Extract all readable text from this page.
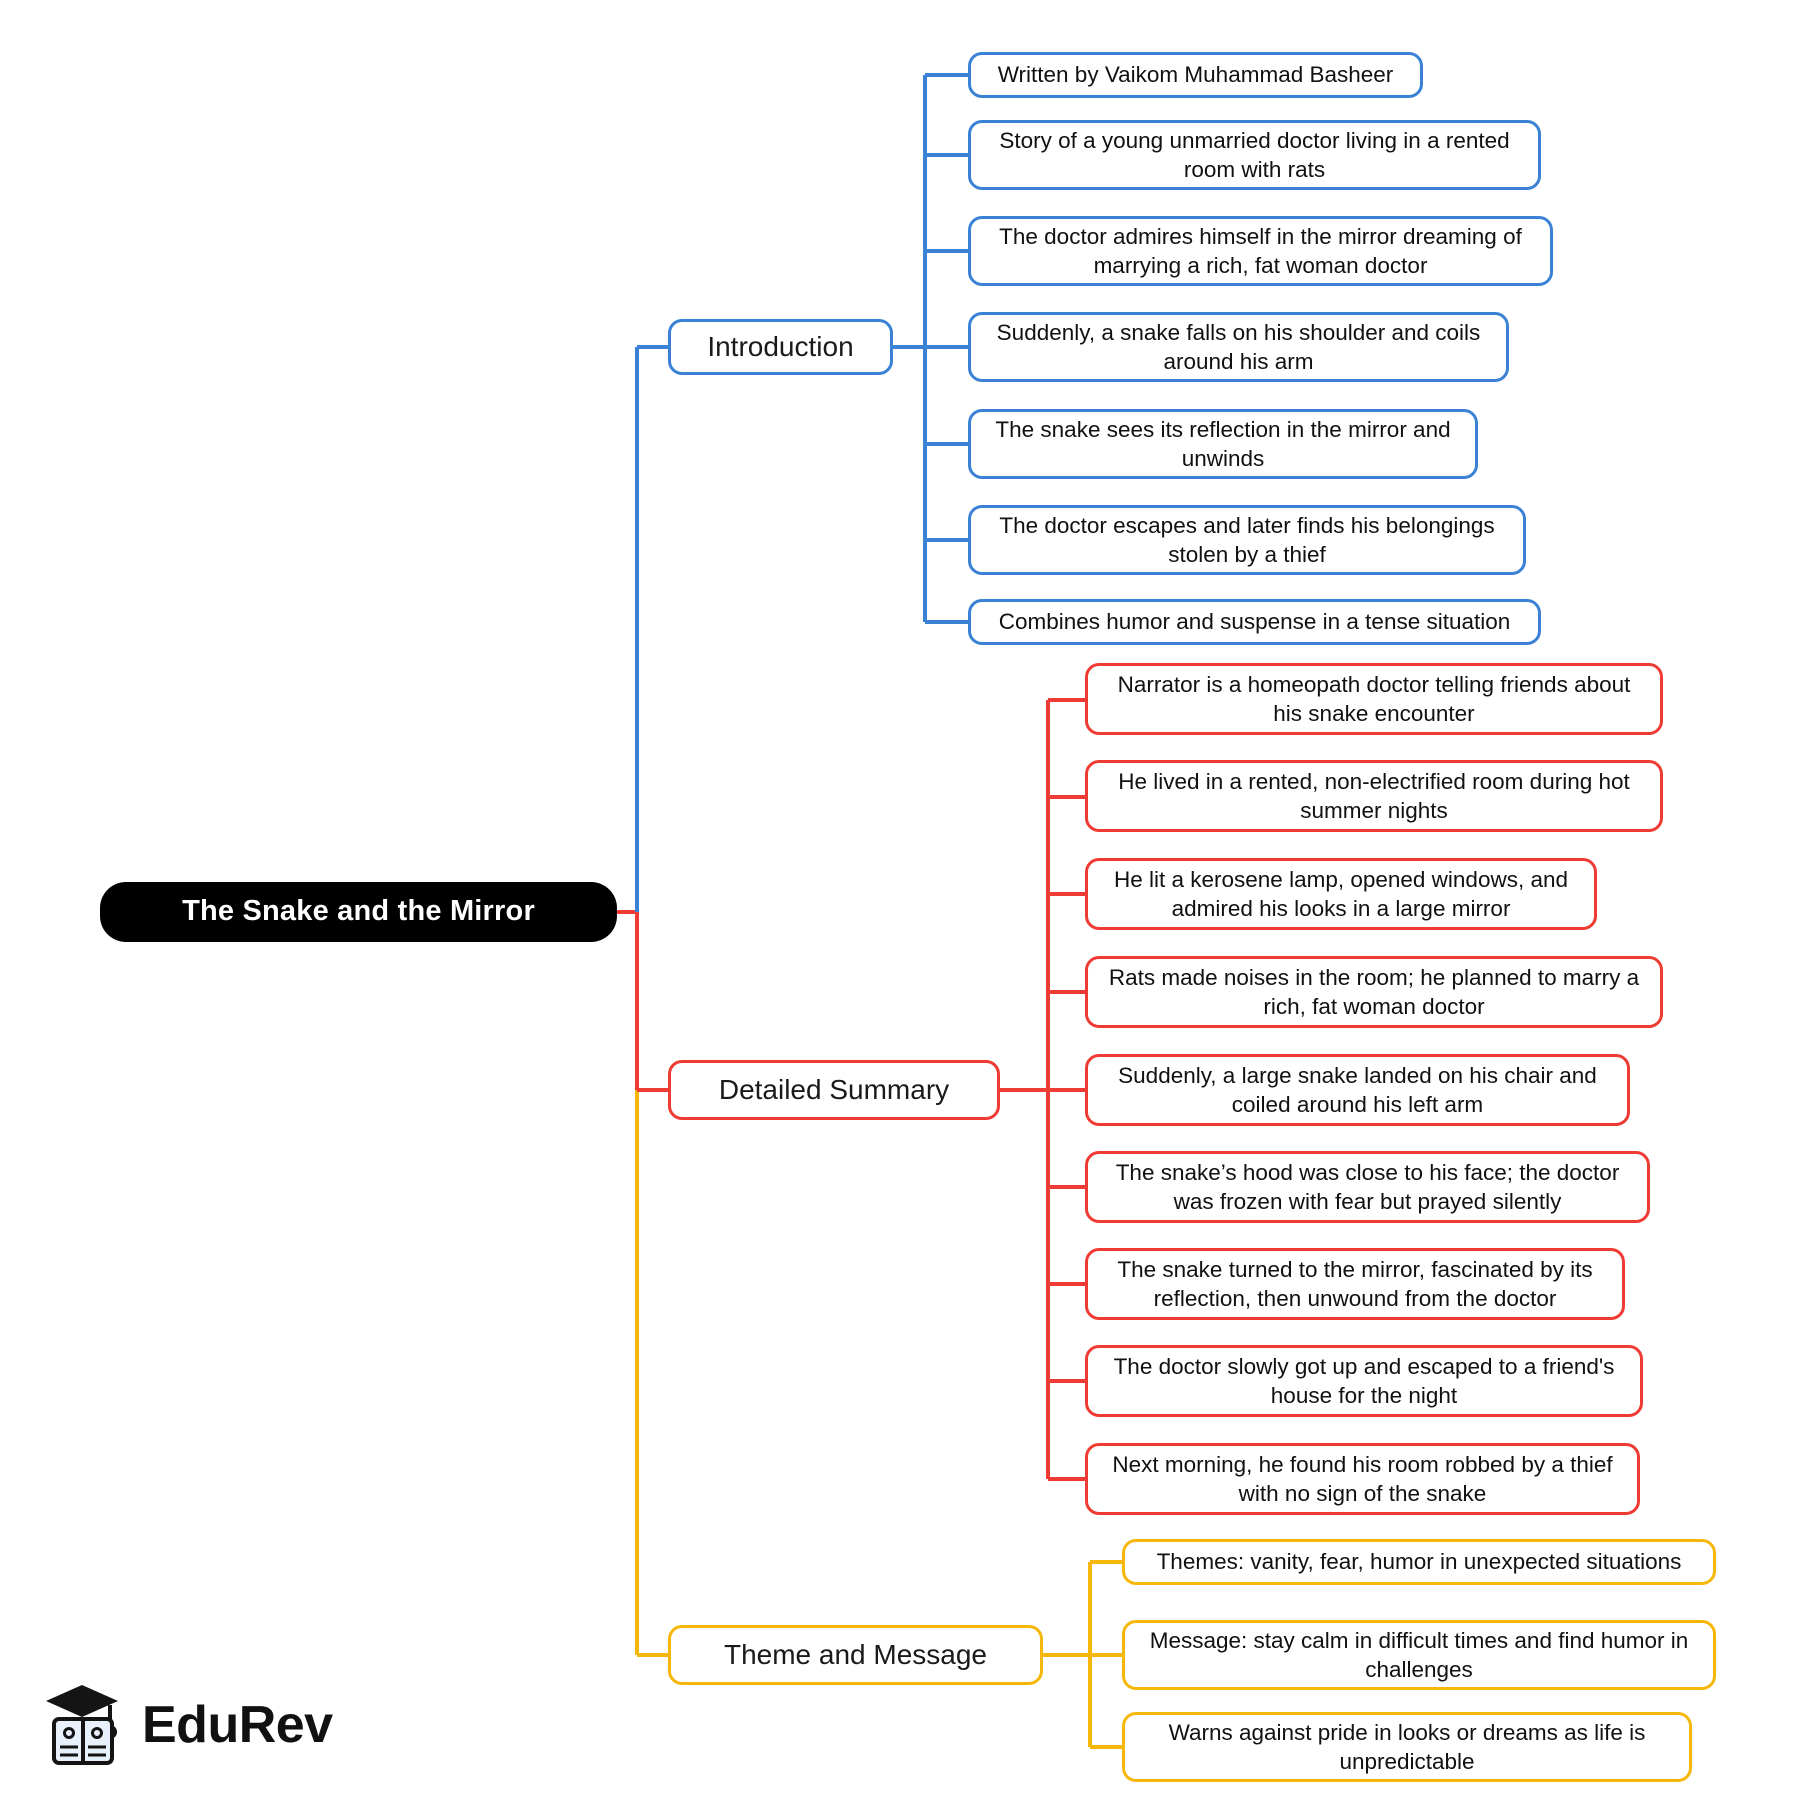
The Snake and the Mirror
Introduction
Detailed Summary
Theme and Message
Written by Vaikom Muhammad Basheer
Story of a young unmarried doctor living in a rented room with rats
The doctor admires himself in the mirror dreaming of marrying a rich, fat woman doctor
Suddenly, a snake falls on his shoulder and coils around his arm
The snake sees its reflection in the mirror and unwinds
The doctor escapes and later finds his belongings stolen by a thief
Combines humor and suspense in a tense situation
Narrator is a homeopath doctor telling friends about his snake encounter
He lived in a rented, non-electrified room during hot summer nights
He lit a kerosene lamp, opened windows, and admired his looks in a large mirror
Rats made noises in the room; he planned to marry a rich, fat woman doctor
Suddenly, a large snake landed on his chair and coiled around his left arm
The snake’s hood was close to his face; the doctor was frozen with fear but prayed silently
The snake turned to the mirror, fascinated by its reflection, then unwound from the doctor
The doctor slowly got up and escaped to a friend's house for the night
Next morning, he found his room robbed by a thief with no sign of the snake
Themes: vanity, fear, humor in unexpected situations
Message: stay calm in difficult times and find humor in challenges
Warns against pride in looks or dreams as life is unpredictable
EduRev
